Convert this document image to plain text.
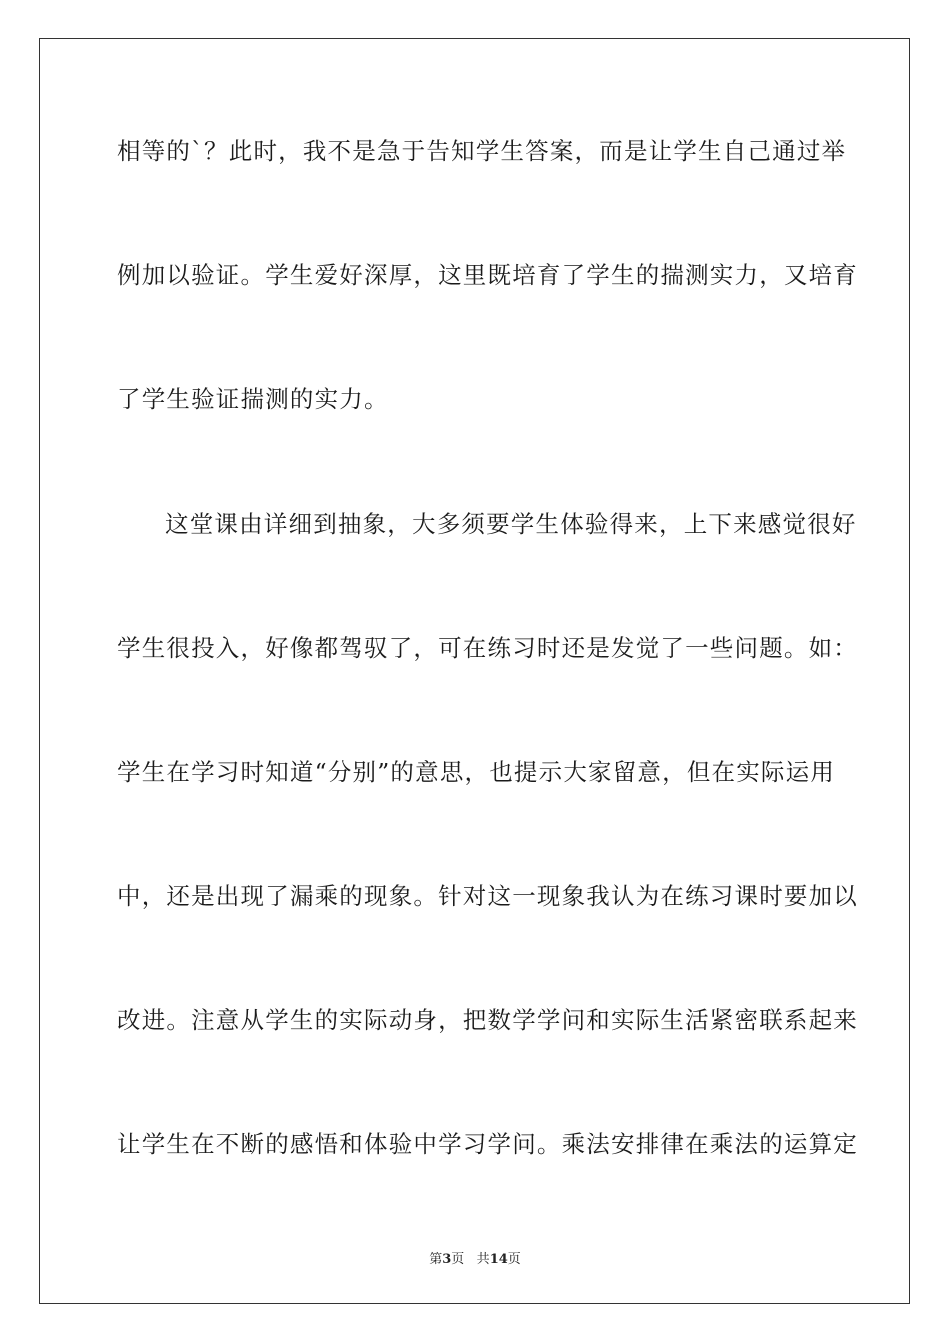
相等的`？此时，我不是急于告知学生答案，而是让学生自己通过举
例加以验证。学生爱好深厚，这里既培育了学生的揣测实力，又培育
了学生验证揣测的实力。
这堂课由详细到抽象，大多须要学生体验得来，上下来感觉很好
学生很投入，好像都驾驭了，可在练习时还是发觉了一些问题。如：
学生在学习时知道“分别”的意思，也提示大家留意，但在实际运用
中，还是出现了漏乘的现象。针对这一现象我认为在练习课时要加以
改进。注意从学生的实际动身，把数学学问和实际生活紧密联系起来
让学生在不断的感悟和体验中学习学问。乘法安排律在乘法的运算定
第3页 共14页
